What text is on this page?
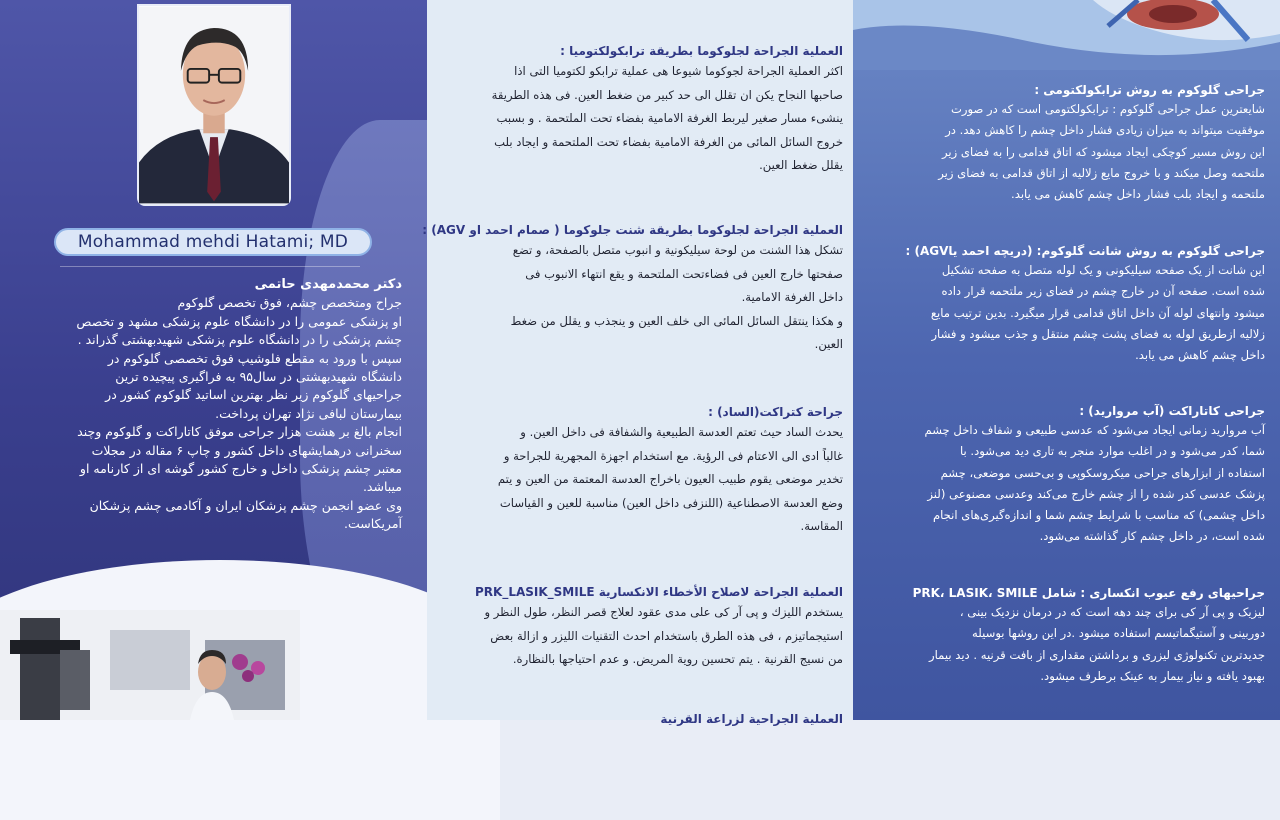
Mohammad mehdi Hatami; MD
دکتر محمدمهدی حاتمی
جراح ومتخصص چشم، فوق تخصص گلوکوم
او پزشکی عمومی را در دانشگاه علوم پزشکی مشهد و تخصص
چشم پزشکی را در دانشگاه علوم پزشکی شهیدبهشتی گذراند .
سپس با ورود به مقطع فلوشیپ فوق تخصصی گلوکوم در
دانشگاه شهیدبهشتی در سال۹۵ به فراگیری پیچیده ترین
جراحیهای گلوکوم زیر نظر بهترین اساتید گلوکوم کشور در
بیمارستان لبافی نژاد تهران پرداخت.
انجام بالغ بر هشت هزار جراحی موفق کاتاراکت و گلوکوم وچند
سخنرانی درهمایشهای داخل کشور و چاپ ۶ مقاله در مجلات
معتبر چشم پزشکی داخل و خارج کشور گوشه ای از کارنامه او
میباشد.
وی عضو انجمن چشم پزشکان ایران و آکادمی چشم پزشکان
آمریکاست.
العملية الجراحة لجلوكوما بطريقة ترابكولكتوميا :
اكثر العملية الجراحة لجوكوما شيوعا هى عملية ترابكو لكتوميا التى اذا
صاحبها النجاح يكن ان تقلل الى حد كبير من ضغط العين. فى هذه الطريقة
ينشىء مسار صغير ليربط الغرفة الامامية بفضاء تحت الملتحمة . و بسبب
خروج السائل المائى من الغرفة الامامية بفضاء تحت الملتحمة و ايجاد بلب
يقلل ضغط العين.
العملية الجراحة لجلوكوما بطريقة شنت جلوكوما ( صمام احمد او AGV) :
تشكل هذا الشنت من لوحة سيليكونية و انبوب متصل بالصفحة، و تضع
صفحتها خارج العين فى فضاءتحت الملتحمة و يقع انتهاء الانبوب فى
داخل الغرفة الامامية.
و هكذا ينتقل السائل المائى الى خلف العين و ينجذب و يقلل من ضغط
العين.
جراحة كتراكت(الساد) :
يحدث الساد حيث تعتم العدسة الطبيعية والشفافة فى داخل العين. و
غالباً ادى الى الاعتام فى الرؤية. مع استخدام اجهزة المجهرية للجراحة و
تخدير موضعى يقوم طبيب العيون باخراج العدسة المعتمة من العين و يتم
وضع العدسة الاصطناعية (اللنزفى داخل العين) مناسبة للعين و القياسات
المقاسة.
العملية الجراحة لاصلاح الأخطاء الانكسارية PRK_LASIK_SMILE
يستخدم الليزك و پى آر كى على مدى عقود لعلاج قصر النظر، طول النظر و
استيجماتيزم ، فى هذه الطرق باستخدام احدث التقنيات الليزر و ازالة بعض
من نسيج القرنية . يتم تحسين روية المريض. و عدم احتياجها بالنظارة.
العملية الجراحية لزراعة القرنية
جراحی گلوکوم به روش ترابکولکتومی :
شایعترین عمل جراحی گلوکوم : ترابکولکتومی است که در صورت
موفقیت میتواند به میزان زیادی فشار داخل چشم را کاهش دهد. در
این روش مسیر کوچکی ایجاد میشود که اتاق قدامی را به فضای زیر
ملتحمه وصل میکند و با خروج مایع زلالیه از اتاق قدامی به فضای زیر
ملتحمه و ایجاد بلب فشار داخل چشم کاهش می یابد.
جراحی گلوکوم به روش شانت گلوکوم: (دریچه احمد یاAGV) :
این شانت از یک صفحه سیلیکونی و یک لوله متصل به صفحه تشکیل
شده است. صفحه آن در خارج چشم در فضای زیر ملتحمه قرار داده
میشود وانتهای لوله آن داخل اتاق قدامی قرار میگیرد. بدین ترتیب مایع
زلالیه ازطریق لوله به فضای پشت چشم منتقل و جذب میشود و فشار
داخل چشم کاهش می یابد.
جراحی کاتاراکت (آب مروارید) :
آب مروارید زمانی ایجاد می‌شود که عدسی طبیعی و شفاف داخل چشم
شما، کدر می‌شود و در اغلب موارد منجر به تاری دید می‌شود. با
استفاده از ابزارهای جراحی میکروسکوپی و بی‌حسی موضعی، چشم
پزشک عدسی کدر شده را از چشم خارج می‌کند وعدسی مصنوعی (لنز
داخل چشمی) که مناسب با شرایط چشم شما و اندازه‌گیری‌های انجام
شده است، در داخل چشم کار گذاشته می‌شود.
جراحیهای رفع عیوب انکساری : شامل PRK، LASIK، SMILE
لیزیک و پی آر کی برای چند دهه است که در درمان نزدیک بینی ،
دوربینی و آستیگماتیسم استفاده میشود .در این روشها بوسیله
جدیدترین تکنولوژی لیزری و برداشتن مقداری از بافت قرنیه . دید بیمار
بهبود یافته و نیاز بیمار به عینک برطرف میشود.
